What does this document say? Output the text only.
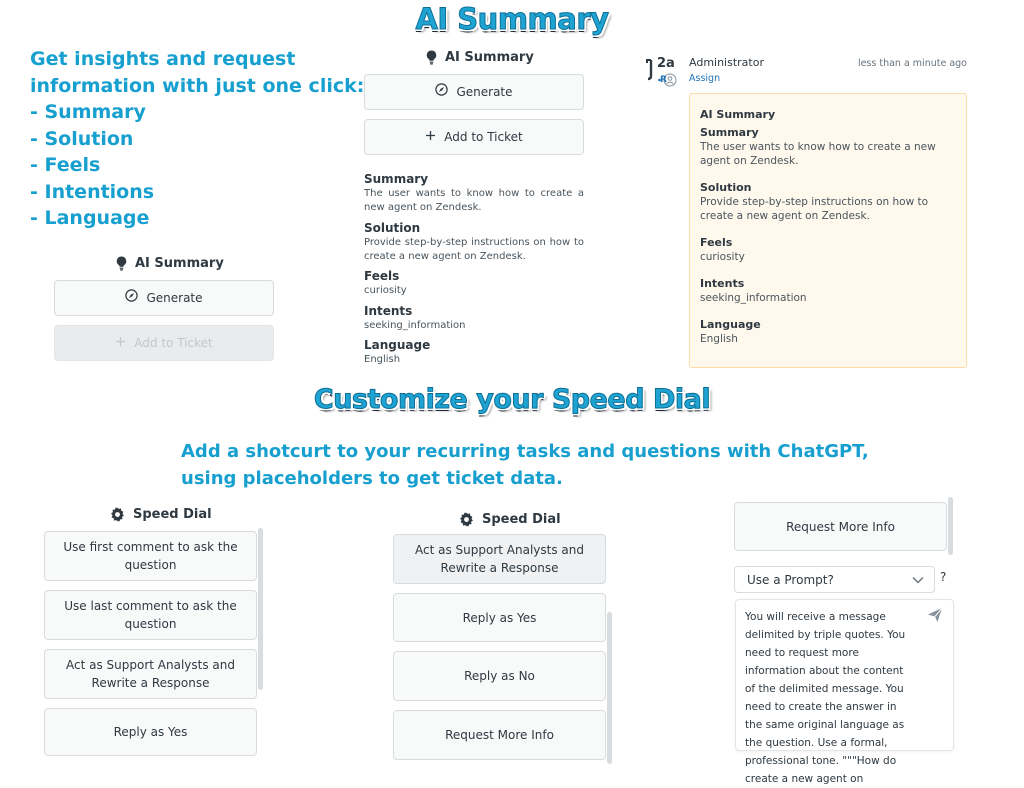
AI Summary
Get insights and request
information with just one click:
- Summary
- Solution
- Feels
- Intentions
- Language
AI Summary
Generate
Add to Ticket
AI Summary
Generate
Add to Ticket
Summary
The user wants to know how to create a new agent on Zendesk.
Solution
Provide step-by-step instructions on how to create a new agent on Zendesk.
Feels
curiosity
Intents
seeking_information
Language
English
2a
R
Administrator
Assign
less than a minute ago
AI Summary
Summary
The user wants to know how to create a new agent on Zendesk.
Solution
Provide step-by-step instructions on how to create a new agent on Zendesk.
Feels
curiosity
Intents
seeking_information
Language
English
Customize your Speed Dial
Add a shotcurt to your recurring tasks and questions with ChatGPT,
using placeholders to get ticket data.
Speed Dial
Use first comment to ask the question
Use last comment to ask the question
Act as Support Analysts and Rewrite a Response
Reply as Yes
Speed Dial
Act as Support Analysts and Rewrite a Response
Reply as Yes
Reply as No
Request More Info
Request More Info
Use a Prompt?	?
You will receive a message delimited by triple quotes. You need to request more information about the content of the delimited message. You need to create the answer in the same original language as the question. Use a formal, professional tone. """How do create a new agent on
